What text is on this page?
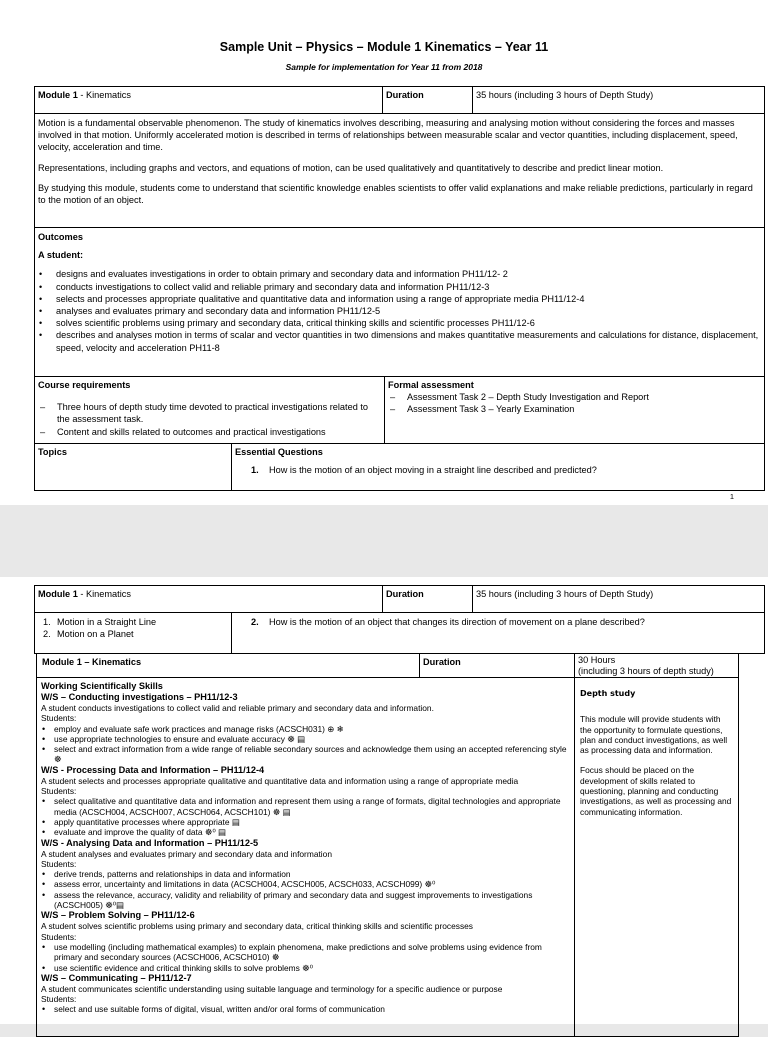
Sample Unit – Physics – Module 1 Kinematics – Year 11
Sample for implementation for Year 11 from 2018
Module 1 - Kinematics	Duration	35 hours (including 3 hours of Depth Study)

Motion is a fundamental observable phenomenon. The study of kinematics involves describing, measuring and analysing motion without considering the forces and masses involved in that motion. Uniformly accelerated motion is described in terms of relationships between measurable scalar and vector quantities, including displacement, speed, velocity, acceleration and time.

Representations, including graphs and vectors, and equations of motion, can be used qualitatively and quantitatively to describe and predict linear motion.

By studying this module, students come to understand that scientific knowledge enables scientists to offer valid explanations and make reliable predictions, particularly in regard to the motion of an object.

Outcomes
A student:
• designs and evaluates investigations in order to obtain primary and secondary data and information PH11/12- 2
• conducts investigations to collect valid and reliable primary and secondary data and information PH11/12-3
• selects and processes appropriate qualitative and quantitative data and information using a range of appropriate media PH11/12-4
• analyses and evaluates primary and secondary data and information PH11/12-5
• solves scientific problems using primary and secondary data, critical thinking skills and scientific processes PH11/12-6
• describes and analyses motion in terms of scalar and vector quantities in two dimensions and makes quantitative measurements and calculations for distance, displacement, speed, velocity and acceleration PH11-8
Course requirements
– Three hours of depth study time devoted to practical investigations related to the assessment task.
– Content and skills related to outcomes and practical investigations
Formal assessment
– Assessment Task 2 – Depth Study Investigation and Report
– Assessment Task 3 – Yearly Examination
Topics	Essential Questions
1. How is the motion of an object moving in a straight line described and predicted?
1
Module 1 - Kinematics	Duration	35 hours (including 3 hours of Depth Study)
1. Motion in a Straight Line
2. Motion on a Planet
2. How is the motion of an object that changes its direction of movement on a plane described?
Module 1 – Kinematics	Duration	30 Hours
(including 3 hours of depth study)
Working Scientifically Skills
W/S – Conducting investigations – PH11/12-3
A student conducts investigations to collect valid and reliable primary and secondary data and information.
Students:
• employ and evaluate safe work practices and manage risks (ACSCH031) ⊕ ❄
• use appropriate technologies to ensure and evaluate accuracy ☸ ▤
• select and extract information from a wide range of reliable secondary sources and acknowledge them using an accepted referencing style ☸
W/S - Processing Data and Information – PH11/12-4
A student selects and processes appropriate qualitative and quantitative data and information using a range of appropriate media
Students:
• select qualitative and quantitative data and information and represent them using a range of formats, digital technologies and appropriate media (ACSCH004, ACSCH007, ACSCH064, ACSCH101) ☸ ▤
• apply quantitative processes where appropriate ▤
• evaluate and improve the quality of data ☸⁰ ▤
W/S - Analysing Data and Information – PH11/12-5
A student analyses and evaluates primary and secondary data and information
Students:
• derive trends, patterns and relationships in data and information
• assess error, uncertainty and limitations in data (ACSCH004, ACSCH005, ACSCH033, ACSCH099) ☸⁰
• assess the relevance, accuracy, validity and reliability of primary and secondary data and suggest improvements to investigations (ACSCH005) ☸⁰▤
W/S – Problem Solving – PH11/12-6
A student solves scientific problems using primary and secondary data, critical thinking skills and scientific processes
Students:
• use modelling (including mathematical examples) to explain phenomena, make predictions and solve problems using evidence from primary and secondary sources (ACSCH006, ACSCH010) ☸
• use scientific evidence and critical thinking skills to solve problems ☸⁰
W/S – Communicating – PH11/12-7
A student communicates scientific understanding using suitable language and terminology for a specific audience or purpose
Students:
• select and use suitable forms of digital, visual, written and/or oral forms of communication
Depth study

This module will provide students with the opportunity to formulate questions, plan and conduct investigations, as well as processing data and information.

Focus should be placed on the development of skills related to questioning, planning and conducting investigations, as well as processing and communicating information.
